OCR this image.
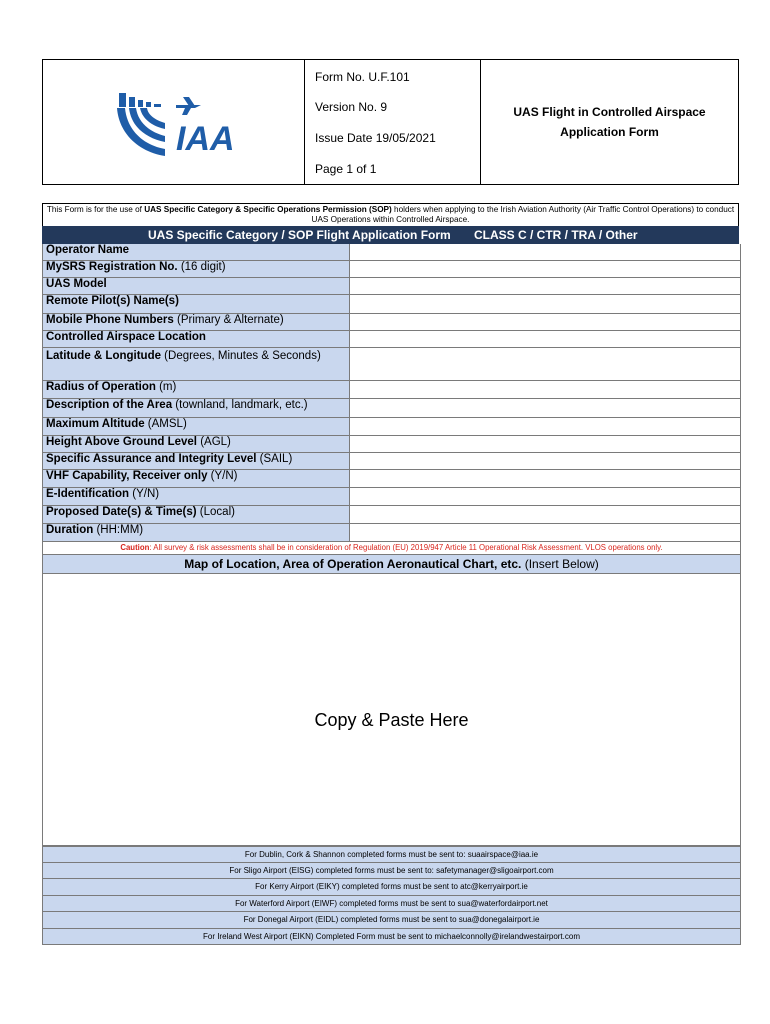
IAA
Form No. U.F.101
Version No. 9
Issue Date 19/05/2021
Page 1 of 1
UAS Flight in Controlled Airspace
Application Form
This Form is for the use of UAS Specific Category & Specific Operations Permission (SOP) holders when applying to the Irish Aviation Authority (Air Traffic Control Operations) to conduct UAS Operations within Controlled Airspace.
UAS Specific Category / SOP Flight Application Form CLASS C / CTR / TRA / Other
Operator Name
MySRS Registration No. (16 digit)
UAS Model
Remote Pilot(s) Name(s)
Mobile Phone Numbers (Primary & Alternate)
Controlled Airspace Location
Latitude & Longitude (Degrees, Minutes & Seconds)
Radius of Operation (m)
Description of the Area (townland, landmark, etc.)
Maximum Altitude (AMSL)
Height Above Ground Level (AGL)
Specific Assurance and Integrity Level (SAIL)
VHF Capability, Receiver only (Y/N)
E-Identification (Y/N)
Proposed Date(s) & Time(s) (Local)
Duration (HH:MM)
Caution: All survey & risk assessments shall be in consideration of Regulation (EU) 2019/947 Article 11 Operational Risk Assessment. VLOS operations only.
Map of Location, Area of Operation Aeronautical Chart, etc. (Insert Below)
Copy & Paste Here
For Dublin, Cork & Shannon completed forms must be sent to: suaairspace@iaa.ie
For Sligo Airport (EISG) completed forms must be sent to: safetymanager@sligoairport.com
For Kerry Airport (EIKY) completed forms must be sent to atc@kerryairport.ie
For Waterford Airport (EIWF) completed forms must be sent to sua@waterfordairport.net
For Donegal Airport (EIDL) completed forms must be sent to sua@donegalairport.ie
For Ireland West Airport (EIKN) Completed Form must be sent to michaelconnolly@irelandwestairport.com
